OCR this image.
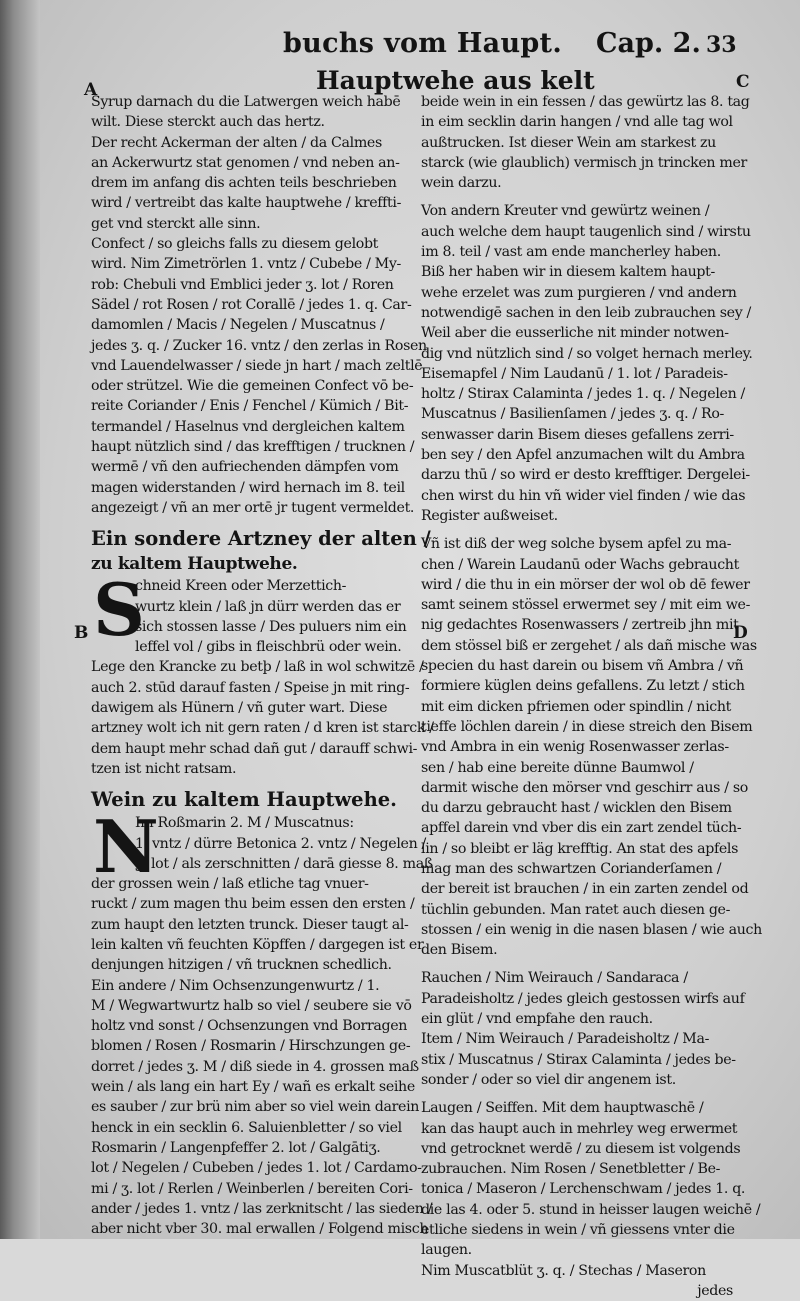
buchs vom Haupt. Cap. 2. 33
Hauptwehe aus kelt
A
B
C
D

Syrup darnach du die Latwergen weich habē

wilt. Diese sterckt auch das hertz.

Der recht Ackerman der alten / da Calmes

an Ackerwurtz stat genomen / vnd neben an-

drem im anfang dis achten teils beschrieben

wird / vertreibt das kalte hauptwehe / kreffti-

get vnd sterckt alle sinn.

Confect / so gleichs falls zu diesem gelobt

wird. Nim Zimetrörlen 1. vntz / Cubebe / My-

rob: Chebuli vnd Emblici jeder ʒ. lot / Roren

Sädel / rot Rosen / rot Corallē / jedes 1. q. Car-

damomlen / Macis / Negelen / Muscatnus /

jedes ʒ. q. / Zucker 16. vntz / den zerlas in Rosen

vnd Lauendelwasser / siede jn hart / mach zeltlē

oder strützel. Wie die gemeinen Confect vō be-

reite Coriander / Enis / Fenchel / Kümich / Bit-

termandel / Haselnus vnd dergleichen kaltem

haupt nützlich sind / das krefftigen / trucknen /

wermē / vñ den aufriechenden dämpfen vom

magen widerstanden / wird hernach im 8. teil

angezeigt / vñ an mer ortē jr tugent vermeldet.

Ein sondere Artzney der alten /

zu kaltem Hauptwehe.

S

chneid Kreen oder Merzettich-

wurtz klein / laß jn dürr werden das er

sich stossen lasse / Des puluers nim ein

leffel vol / gibs in fleischbrü oder wein.

Lege den Krancke zu betþ / laß in wol schwitzē /

auch 2. stūd darauf fasten / Speise jn mit ring-

dawigem als Hünern / vñ guter wart. Diese

artzney wolt ich nit gern raten / d kren ist starck /

dem haupt mehr schad dañ gut / darauff schwi-

tzen ist nicht ratsam.

Wein zu kaltem Hauptwehe.

N

Im Roßmarin 2. M / Muscatnus:

1. vntz / dürre Betonica 2. vntz / Negelen /

ʒ. lot / als zerschnitten / darā giesse 8. maß

der grossen wein / laß etliche tag vnuer-

ruckt / zum magen thu beim essen den ersten /

zum haupt den letzten trunck. Dieser taugt al-

lein kalten vñ feuchten Köpffen / dargegen ist er

denjungen hitzigen / vñ trucknen schedlich.

Ein andere / Nim Ochsenzungenwurtz / 1.

M / Wegwartwurtz halb so viel / seubere sie vō

holtz vnd sonst / Ochsenzungen vnd Borragen

blomen / Rosen / Rosmarin / Hirschzungen ge-

dorret / jedes ʒ. M / diß siede in 4. grossen maß

wein / als lang ein hart Ey / wañ es erkalt seihe

es sauber / zur brü nim aber so viel wein darein

henck in ein secklin 6. Saluienbletter / so viel

Rosmarin / Langenpfeffer 2. lot / Galgātiʒ.

lot / Negelen / Cubeben / jedes 1. lot / Cardamo-

mi / ʒ. lot / Rerlen / Weinberlen / bereiten Cori-

ander / jedes 1. vntz / las zerknitscht / las sieden /

aber nicht vber 30. mal erwallen / Folgend misch

beide wein in ein fessen / das gewürtz las 8. tag

in eim secklin darin hangen / vnd alle tag wol

außtrucken. Ist dieser Wein am starkest zu

starck (wie glaublich) vermisch jn trincken mer

wein darzu.

Von andern Kreuter vnd gewürtz weinen /

auch welche dem haupt taugenlich sind / wirstu

im 8. teil / vast am ende mancherley haben.

Biß her haben wir in diesem kaltem haupt-

wehe erzelet was zum purgieren / vnd andern

notwendigē sachen in den leib zubrauchen sey /

Weil aber die eusserliche nit minder notwen-

dig vnd nützlich sind / so volget hernach merley.

Eisemapfel / Nim Laudanū / 1. lot / Paradeis-

holtz / Stirax Calaminta / jedes 1. q. / Negelen /

Muscatnus / Basilienſamen / jedes ʒ. q. / Ro-

senwasser darin Bisem dieses gefallens zerri-

ben sey / den Apfel anzumachen wilt du Ambra

darzu thū / so wird er desto krefftiger. Dergelei-

chen wirst du hin vñ wider viel finden / wie das

Register außweiset.

Vñ ist diß der weg solche bysem apfel zu ma-

chen / Warein Laudanū oder Wachs gebraucht

wird / die thu in ein mörser der wol ob dē fewer

samt seinem stössel erwermet sey / mit eim we-

nig gedachtes Rosenwassers / zertreib jhn mit

dem stössel biß er zergehet / als dañ mische was

specien du hast darein ou bisem vñ Ambra / vñ

formiere küglen deins gefallens. Zu letzt / stich

mit eim dicken pfriemen oder spindlin / nicht

tieffe löchlen darein / in diese streich den Bisem

vnd Ambra in ein wenig Rosenwasser zerlas-

sen / hab eine bereite dünne Baumwol /

darmit wische den mörser vnd geschirr aus / so

du darzu gebraucht hast / wicklen den Bisem

apffel darein vnd vber dis ein zart zendel tüch-

lin / so bleibt er läg krefftig. An stat des apfels

mag man des schwartzen Corianderſamen /

der bereit ist brauchen / in ein zarten zendel od

tüchlin gebunden. Man ratet auch diesen ge-

stossen / ein wenig in die nasen blasen / wie auch

den Bisem.

Rauchen / Nim Weirauch / Sandaraca /

Paradeisholtz / jedes gleich gestossen wirfs auf

ein glüt / vnd empfahe den rauch.

Item / Nim Weirauch / Paradeisholtz / Ma-

stix / Muscatnus / Stirax Calaminta / jedes be-

sonder / oder so viel dir angenem ist.

Laugen / Seiffen. Mit dem hauptwaschē /

kan das haupt auch in mehrley weg erwermet

vnd getrocknet werdē / zu diesem ist volgends

zubrauchen. Nim Rosen / Senetbletter / Be-

tonica / Maseron / Lerchenschwam / jedes 1. q.

die las 4. oder 5. stund in heisser laugen weichē /

etliche siedens in wein / vñ giessens vnter die

laugen.

Nim Muscatblüt ʒ. q. / Stechas / Maseron

jedes
